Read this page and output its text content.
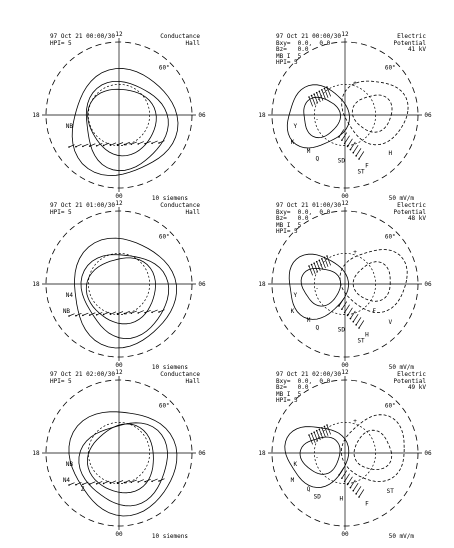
12
00
18	06
60°
10 siemens
NB
+
-
12
00
18	06
60°
50 mV/m
Y
K
M
Q	SD
F
H
ST
12
00
18	06
60°
10 siemens
N4
NB
+
-
12
00
18	06
60°
50 mV/m
Y
K
M
Q	SD
H
V
ST
F
12
00
18	06
60°
10 siemens
NB
N4
Z
+
-
12
00
18	06
60°
50 mV/m
K
M
Q
SD	H
F
ST
97 Oct 21 00:00/30
HPI= 5
Conductance
Hall
97 Oct 21 00:00/30
Bxy=  0.0,  0.0
Bz=   0.0
MB I  5
HPI= 5
Electric
Potential
41 kV
97 Oct 21 01:00/30
HPI= 5
Conductance
Hall
97 Oct 21 01:00/30
Bxy=  0.0,  0.0
Bz=   0.0
MB I  5
HPI= 5
Electric
Potential
48 kV
97 Oct 21 02:00/30
HPI= 5
Conductance
Hall
97 Oct 21 02:00/30
Bxy=  0.0,  0.0
Bz=   0.0
MB I  5
HPI= 5
Electric
Potential
49 kV
